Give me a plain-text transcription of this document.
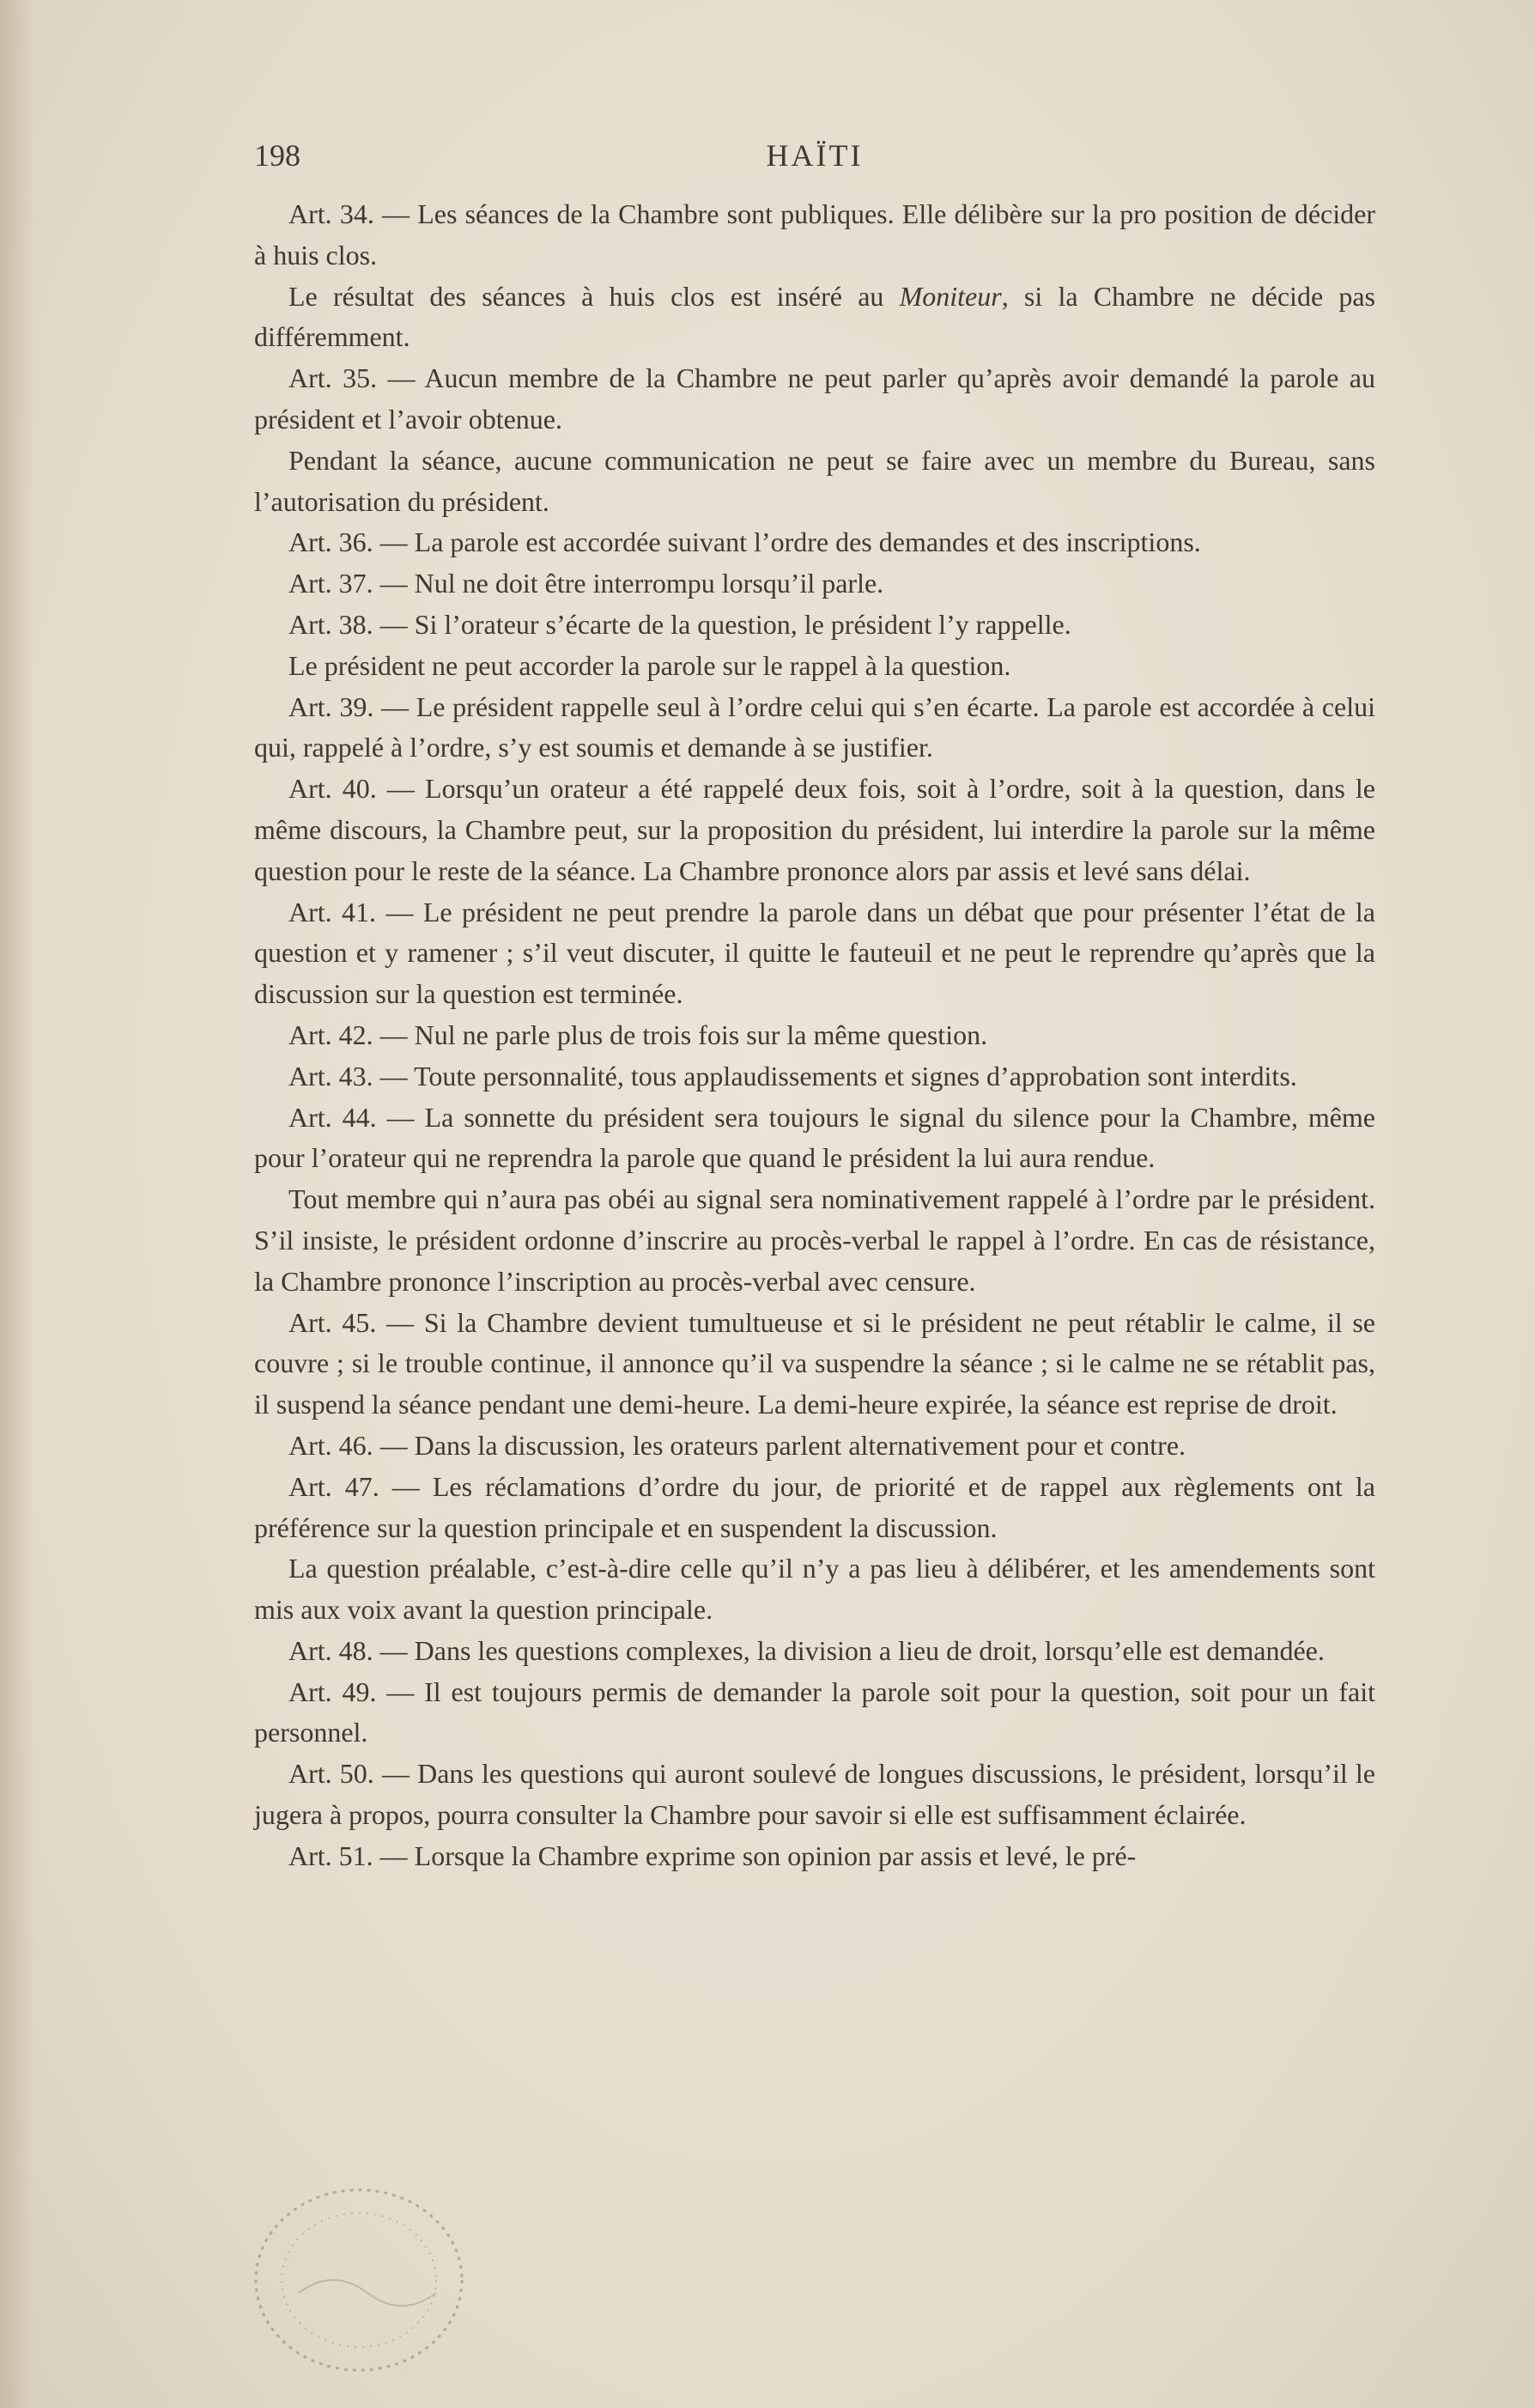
198	HAÏTI

Art. 34. — Les séances de la Chambre sont publiques. Elle délibère sur la pro position de décider à huis clos.

Le résultat des séances à huis clos est inséré au Moniteur, si la Chambre ne décide pas différemment.

Art. 35. — Aucun membre de la Chambre ne peut parler qu’après avoir demandé la parole au président et l’avoir obtenue.

Pendant la séance, aucune communication ne peut se faire avec un membre du Bureau, sans l’autorisation du président.

Art. 36. — La parole est accordée suivant l’ordre des demandes et des inscriptions.

Art. 37. — Nul ne doit être interrompu lorsqu’il parle.

Art. 38. — Si l’orateur s’écarte de la question, le président l’y rappelle.

Le président ne peut accorder la parole sur le rappel à la question.

Art. 39. — Le président rappelle seul à l’ordre celui qui s’en écarte. La parole est accordée à celui qui, rappelé à l’ordre, s’y est soumis et demande à se justifier.

Art. 40. — Lorsqu’un orateur a été rappelé deux fois, soit à l’ordre, soit à la question, dans le même discours, la Chambre peut, sur la proposition du président, lui interdire la parole sur la même question pour le reste de la séance. La Chambre prononce alors par assis et levé sans délai.

Art. 41. — Le président ne peut prendre la parole dans un débat que pour présenter l’état de la question et y ramener ; s’il veut discuter, il quitte le fauteuil et ne peut le reprendre qu’après que la discussion sur la question est terminée.

Art. 42. — Nul ne parle plus de trois fois sur la même question.

Art. 43. — Toute personnalité, tous applaudissements et signes d’approbation sont interdits.

Art. 44. — La sonnette du président sera toujours le signal du silence pour la Chambre, même pour l’orateur qui ne reprendra la parole que quand le président la lui aura rendue.

Tout membre qui n’aura pas obéi au signal sera nominativement rappelé à l’ordre par le président. S’il insiste, le président ordonne d’inscrire au procès-verbal le rappel à l’ordre. En cas de résistance, la Chambre prononce l’inscription au procès-verbal avec censure.

Art. 45. — Si la Chambre devient tumultueuse et si le président ne peut rétablir le calme, il se couvre ; si le trouble continue, il annonce qu’il va suspendre la séance ; si le calme ne se rétablit pas, il suspend la séance pendant une demi-heure. La demi-heure expirée, la séance est reprise de droit.

Art. 46. — Dans la discussion, les orateurs parlent alternativement pour et contre.

Art. 47. — Les réclamations d’ordre du jour, de priorité et de rappel aux règlements ont la préférence sur la question principale et en suspendent la discussion.

La question préalable, c’est-à-dire celle qu’il n’y a pas lieu à délibérer, et les amendements sont mis aux voix avant la question principale.

Art. 48. — Dans les questions complexes, la division a lieu de droit, lorsqu’elle est demandée.

Art. 49. — Il est toujours permis de demander la parole soit pour la question, soit pour un fait personnel.

Art. 50. — Dans les questions qui auront soulevé de longues discussions, le président, lorsqu’il le jugera à propos, pourra consulter la Chambre pour savoir si elle est suffisamment éclairée.

Art. 51. — Lorsque la Chambre exprime son opinion par assis et levé, le pré-
